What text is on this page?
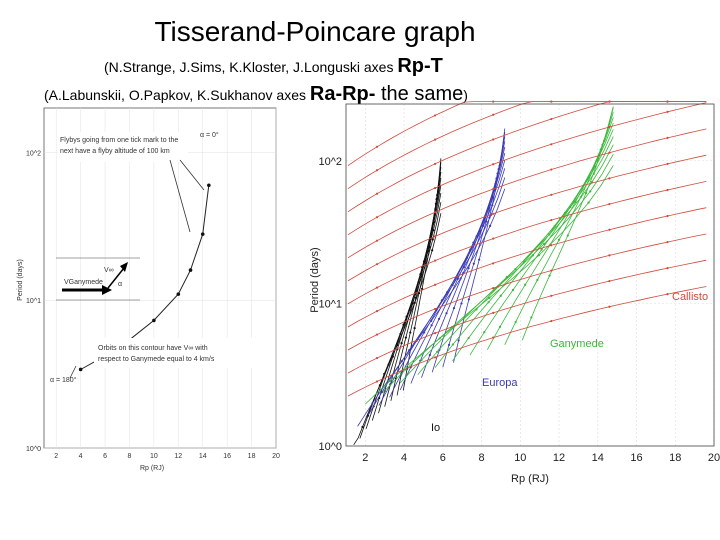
Tisserand-Poincare graph
(N.Strange, J.Sims, K.Kloster, J.Longuski axes Rp-T
(A.Labunskii, O.Papkov, K.Sukhanov axes Ra-Rp- the same)
2	4	6	8	10 12 14 16 18 20
10^0
10^1
10^2
Period (days)
Rp (RJ)
Flybys going from one tick mark to the
next have a flyby altitude of 100 km
α = 0°
VGanymede
V∞
α
Orbits on this contour have V∞ with
respect to Ganymede equal to 4 km/s
α = 180°
2	4	6	8	10 12 14 16 18 20
10^0
10^1
10^2
Period (days)
Rp (RJ)
Callisto
Ganymede
Europa
Io
